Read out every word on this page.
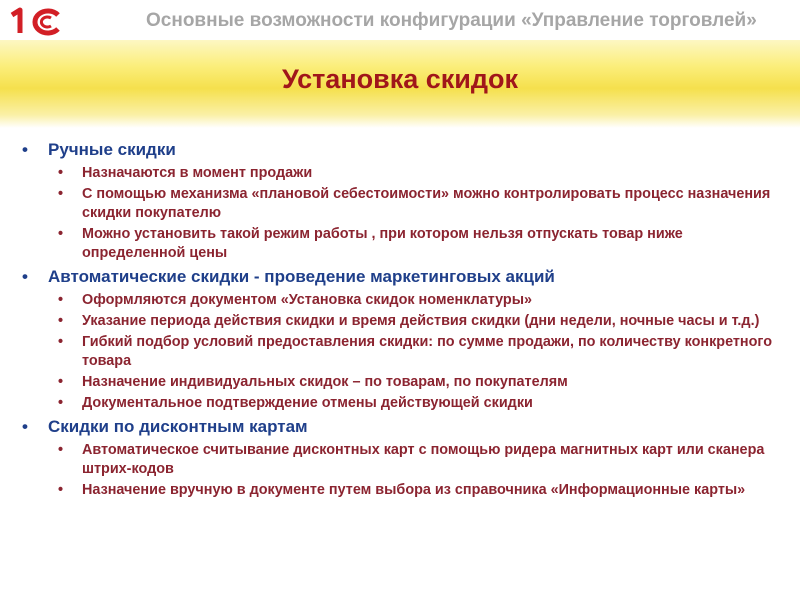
Основные возможности конфигурации «Управление торговлей»
Установка скидок
• Ручные скидки
• Назначаются в момент продажи
• С помощью механизма «плановой себестоимости» можно контролировать процесс назначения скидки покупателю
• Можно установить такой режим работы , при котором нельзя отпускать товар ниже определенной цены
• Автоматические скидки - проведение маркетинговых акций
• Оформляются документом «Установка скидок номенклатуры»
• Указание периода действия скидки и время действия скидки (дни недели, ночные часы и т.д.)
• Гибкий подбор условий предоставления скидки: по сумме продажи, по количеству конкретного товара
• Назначение индивидуальных скидок – по товарам, по покупателям
• Документальное подтверждение отмены действующей скидки
• Скидки по дисконтным картам
• Автоматическое считывание дисконтных карт с помощью ридера магнитных карт или сканера штрих-кодов
• Назначение вручную в документе путем выбора из справочника «Информационные карты»
